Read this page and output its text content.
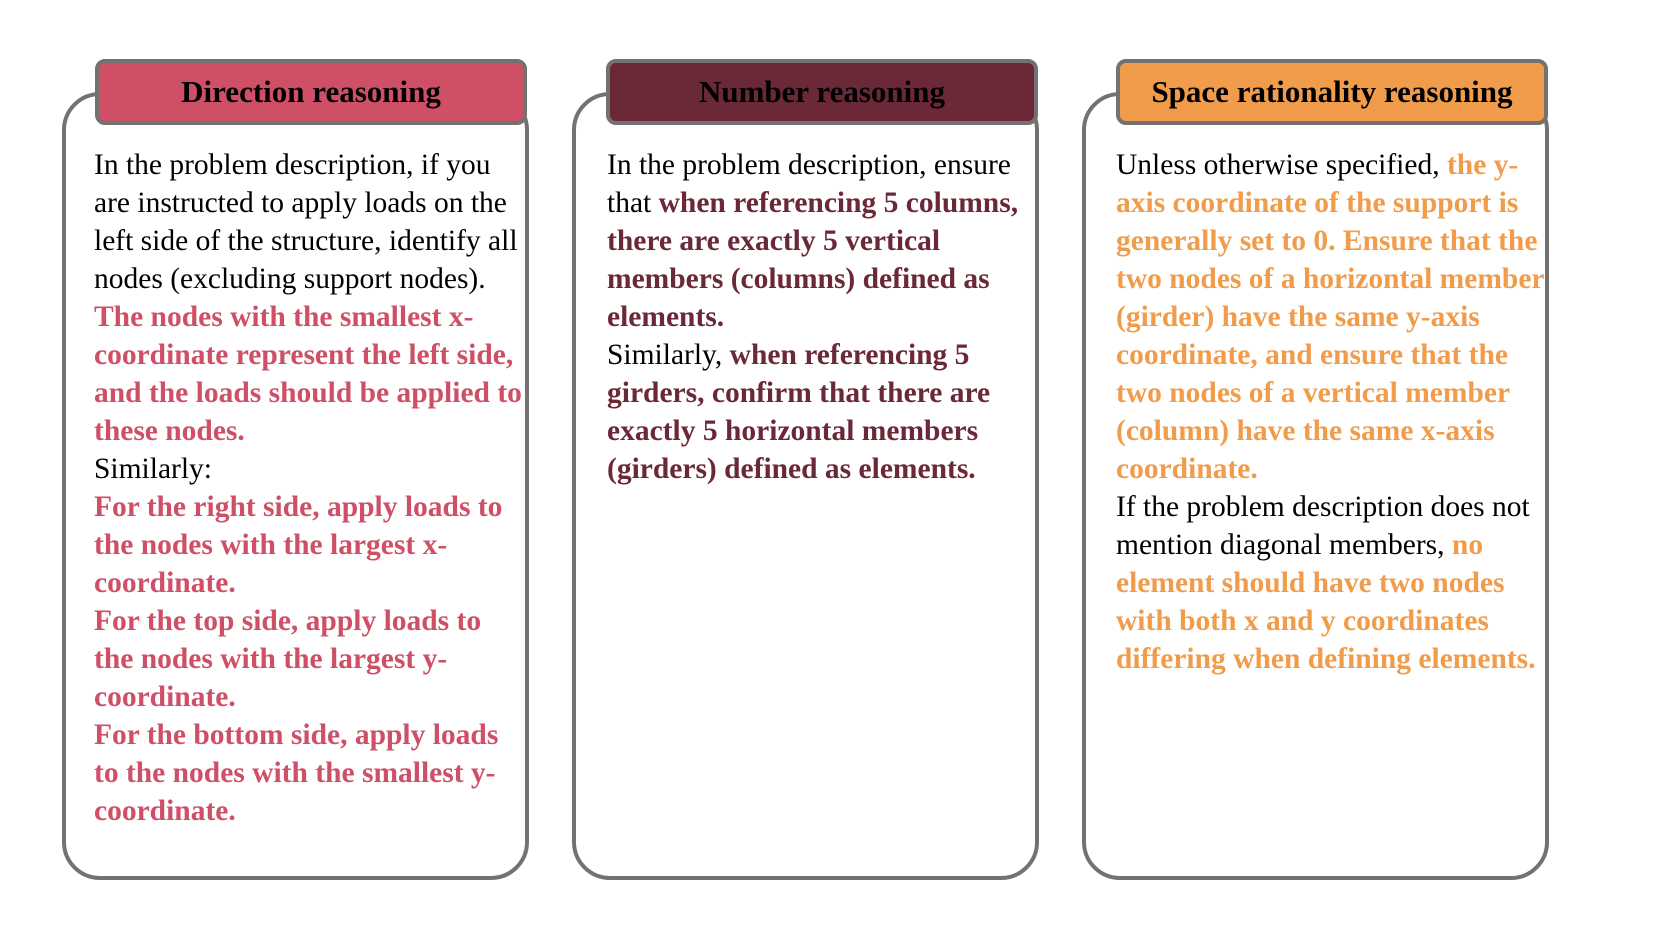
Direction reasoning
In the problem description, if you are instructed to apply loads on the left side of the structure, identify all nodes (excluding support nodes). The nodes with the smallest x-coordinate represent the left side, and the loads should be applied to these nodes.
Similarly:
For the right side, apply loads to the nodes with the largest x-coordinate.
For the top side, apply loads to the nodes with the largest y-coordinate.
For the bottom side, apply loads to the nodes with the smallest y-coordinate.
Number reasoning
In the problem description, ensure that when referencing 5 columns, there are exactly 5 vertical members (columns) defined as elements.
Similarly, when referencing 5 girders, confirm that there are exactly 5 horizontal members (girders) defined as elements.
Space rationality reasoning
Unless otherwise specified, the y-axis coordinate of the support is generally set to 0. Ensure that the two nodes of a horizontal member (girder) have the same y-axis coordinate, and ensure that the two nodes of a vertical member (column) have the same x-axis coordinate.
If the problem description does not mention diagonal members, no element should have two nodes with both x and y coordinates differing when defining elements.
